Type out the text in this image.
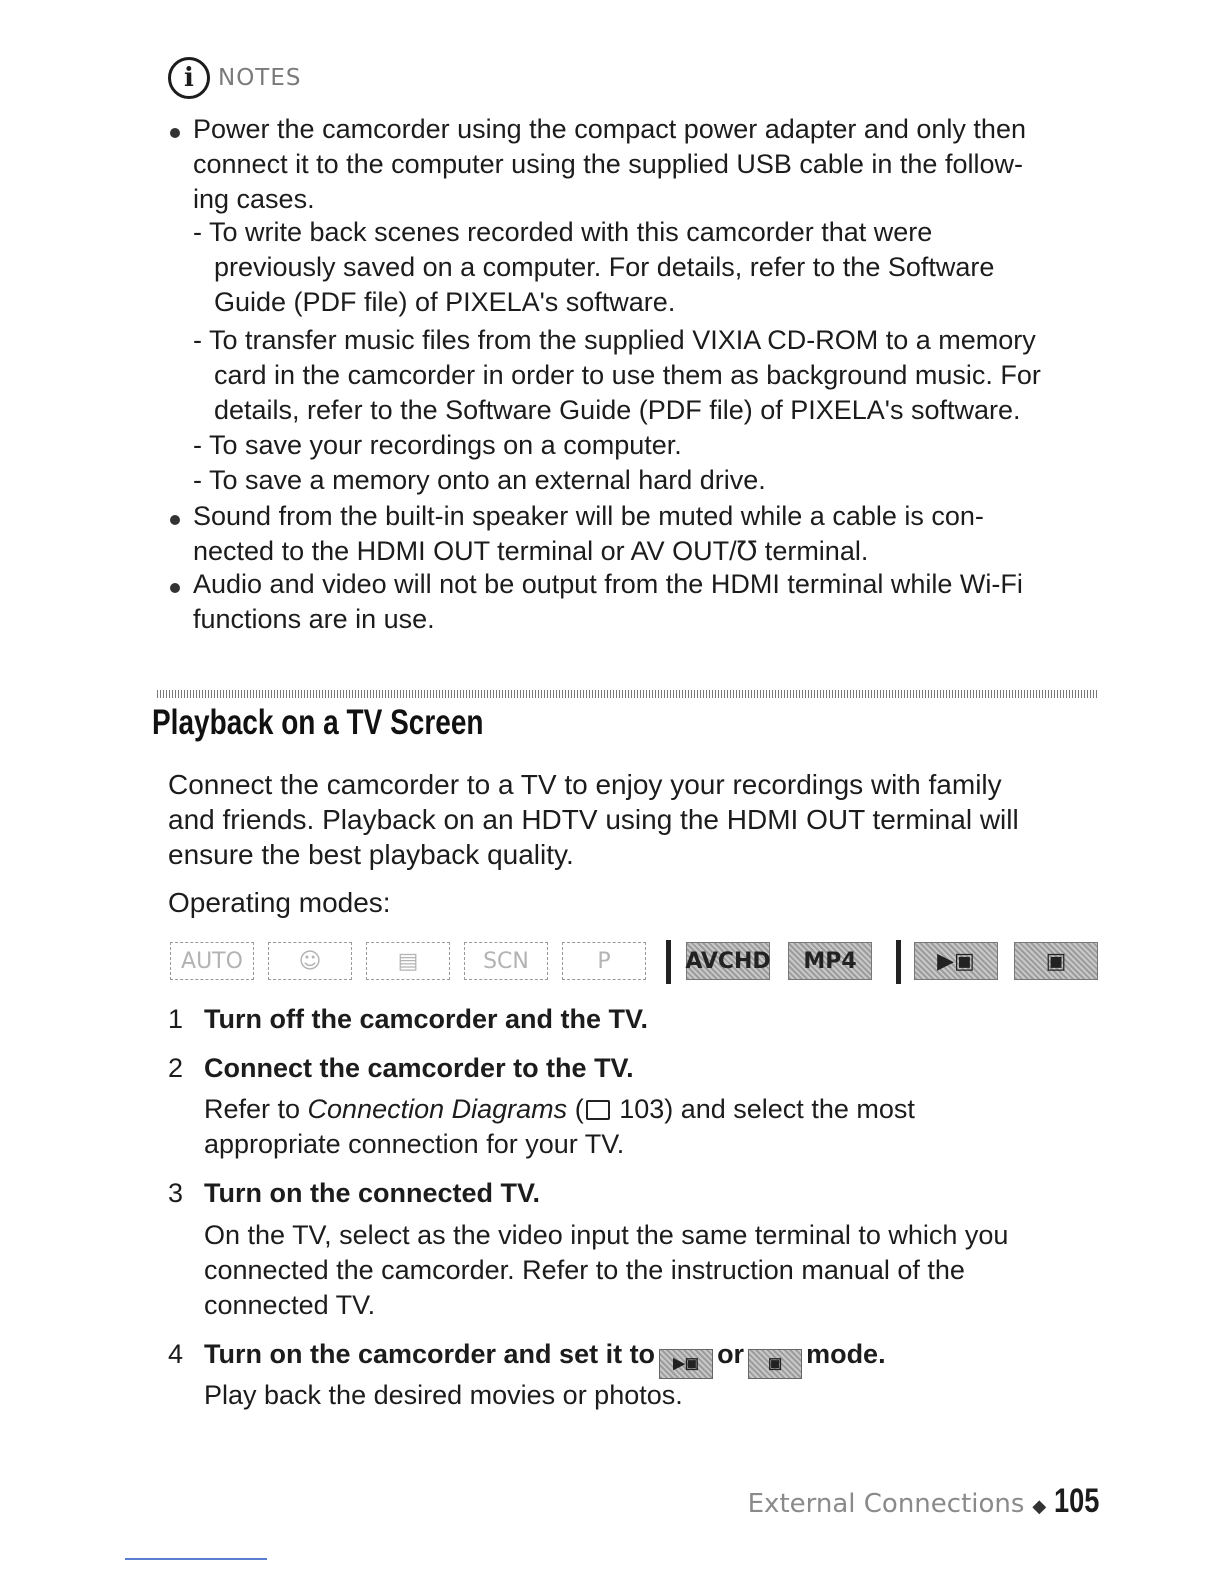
i	NOTES
Power the camcorder using the compact power adapter and only then
connect it to the computer using the supplied USB cable in the follow-
ing cases.
- To write back scenes recorded with this camcorder that were
previously saved on a computer. For details, refer to the Software
Guide (PDF file) of PIXELA's software.
- To transfer music files from the supplied VIXIA CD-ROM to a memory
card in the camcorder in order to use them as background music. For
details, refer to the Software Guide (PDF file) of PIXELA's software.
- To save your recordings on a computer.
- To save a memory onto an external hard drive.
Sound from the built-in speaker will be muted while a cable is con-
nected to the HDMI OUT terminal or AV OUT/℧ terminal.
Audio and video will not be output from the HDMI terminal while Wi-Fi
functions are in use.
Playback on a TV Screen
Connect the camcorder to a TV to enjoy your recordings with family
and friends. Playback on an HDTV using the HDMI OUT terminal will
ensure the best playback quality.
Operating modes:
AUTO	☺	▤	SCN	P	AVCHD	MP4	▶▣	▣
1 Turn off the camcorder and the TV.
2 Connect the camcorder to the TV.
Refer to Connection Diagrams ( 103) and select the most
appropriate connection for your TV.
3 Turn on the connected TV.
On the TV, select as the video input the same terminal to which you
connected the camcorder. Refer to the instruction manual of the
connected TV.
4 Turn on the camcorder and set it to ▶▣ or ▣ mode.
Play back the desired movies or photos.
External Connections ◆ 105
